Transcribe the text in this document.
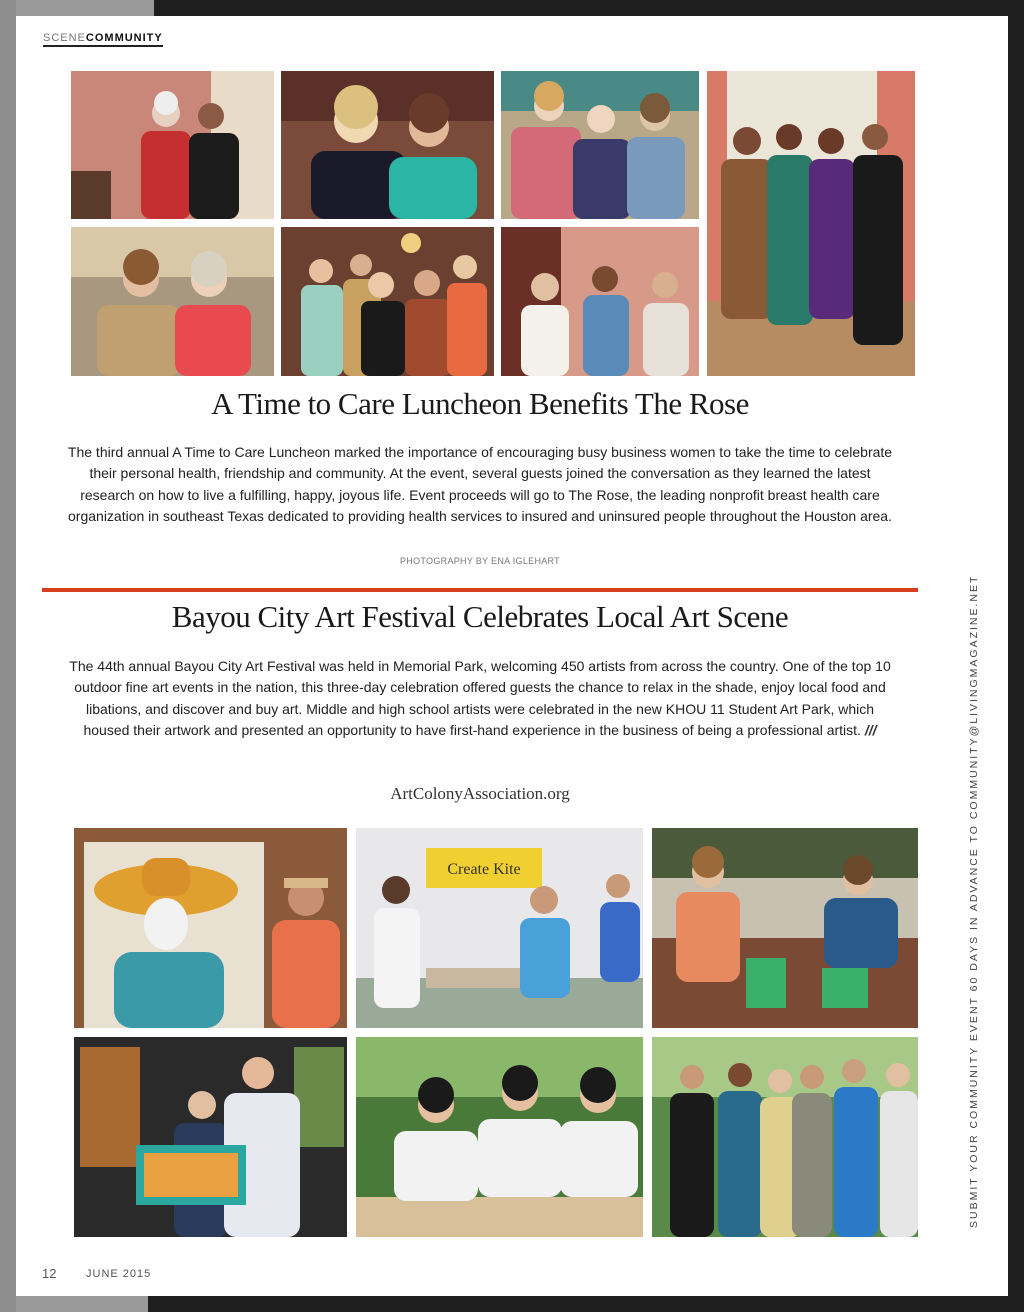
SCENECOMMUNITY
A Time to Care Luncheon Benefits The Rose
The third annual A Time to Care Luncheon marked the importance of encouraging busy business women to take the time to celebrate their personal health, friendship and community. At the event, several guests joined the conversation as they learned the latest research on how to live a fulfilling, happy, joyous life. Event proceeds will go to The Rose, the leading nonprofit breast health care organization in southeast Texas dedicated to providing health services to insured and uninsured people throughout the Houston area.
PHOTOGRAPHY BY ENA IGLEHART
Bayou City Art Festival Celebrates Local Art Scene
The 44th annual Bayou City Art Festival was held in Memorial Park, welcoming 450 artists from across the country. One of the top 10 outdoor fine art events in the nation, this three-day celebration offered guests the chance to relax in the shade, enjoy local food and libations, and discover and buy art. Middle and high school artists were celebrated in the new KHOU 11 Student Art Park, which housed their artwork and presented an opportunity to have first-hand experience in the business of being a professional artist. ///
ArtColonyAssociation.org
Create Kite	SUBMIT YOUR COMMUNITY EVENT 60 DAYS IN ADVANCE TO COMMUNITY@LIVINGMAGAZINE.NET
12	JUNE 2015
